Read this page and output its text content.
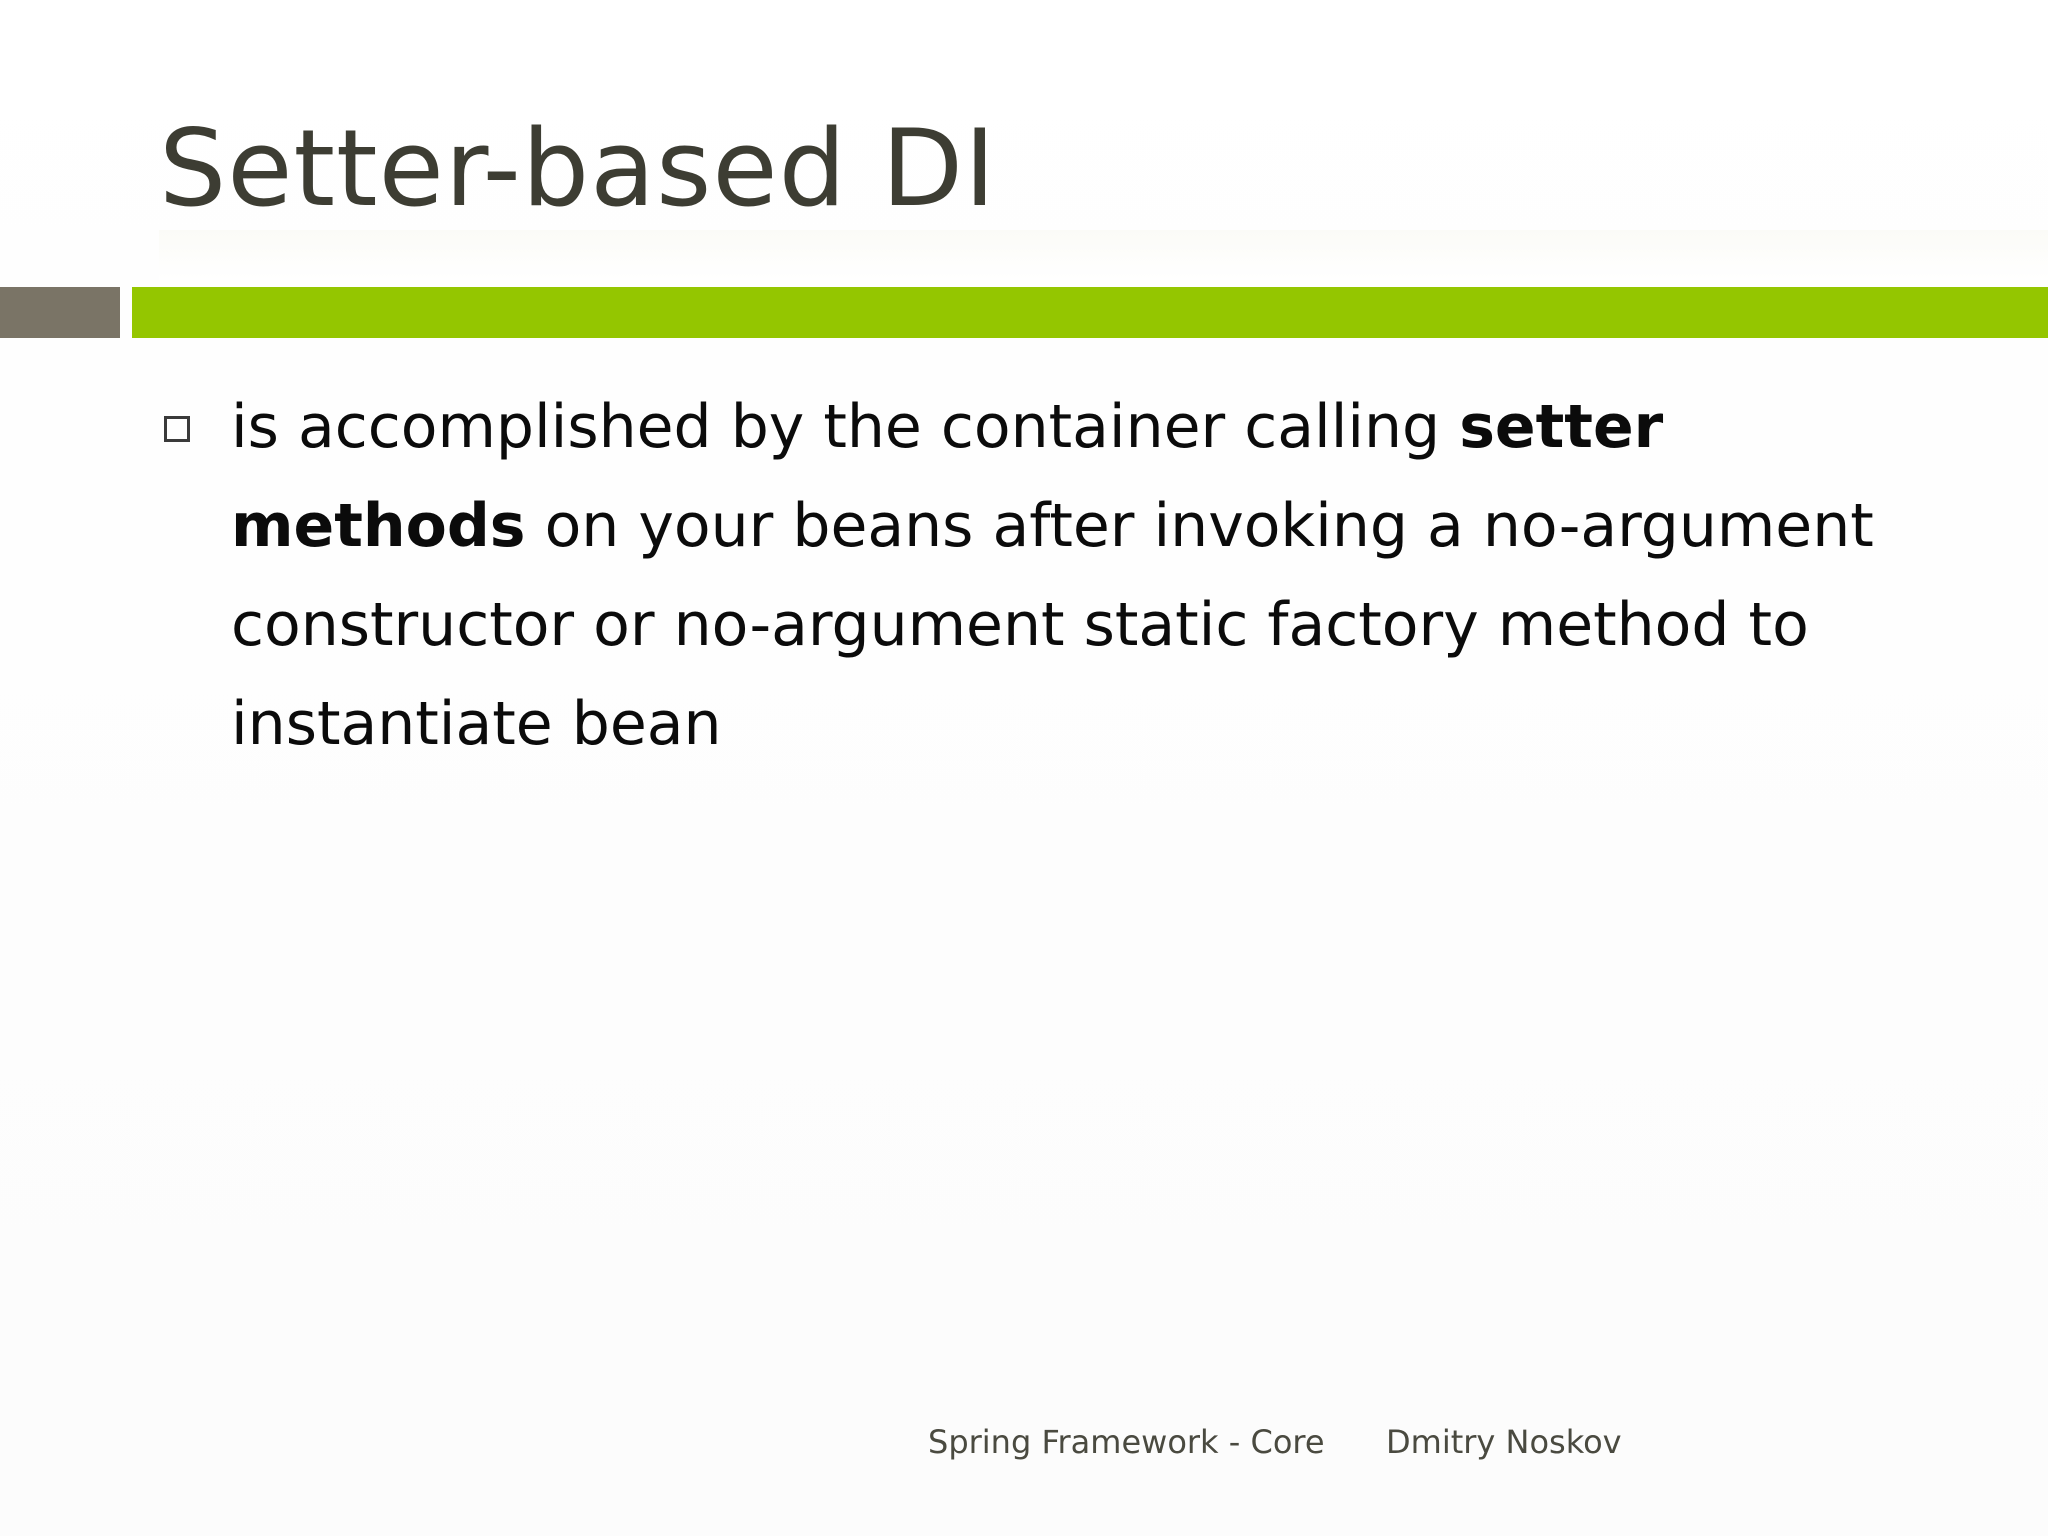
Setter-based DI
is accomplished by the container calling setter methods on your beans after invoking a no-argument constructor or no-argument static factory method to instantiate bean
Spring Framework - Core Dmitry Noskov
